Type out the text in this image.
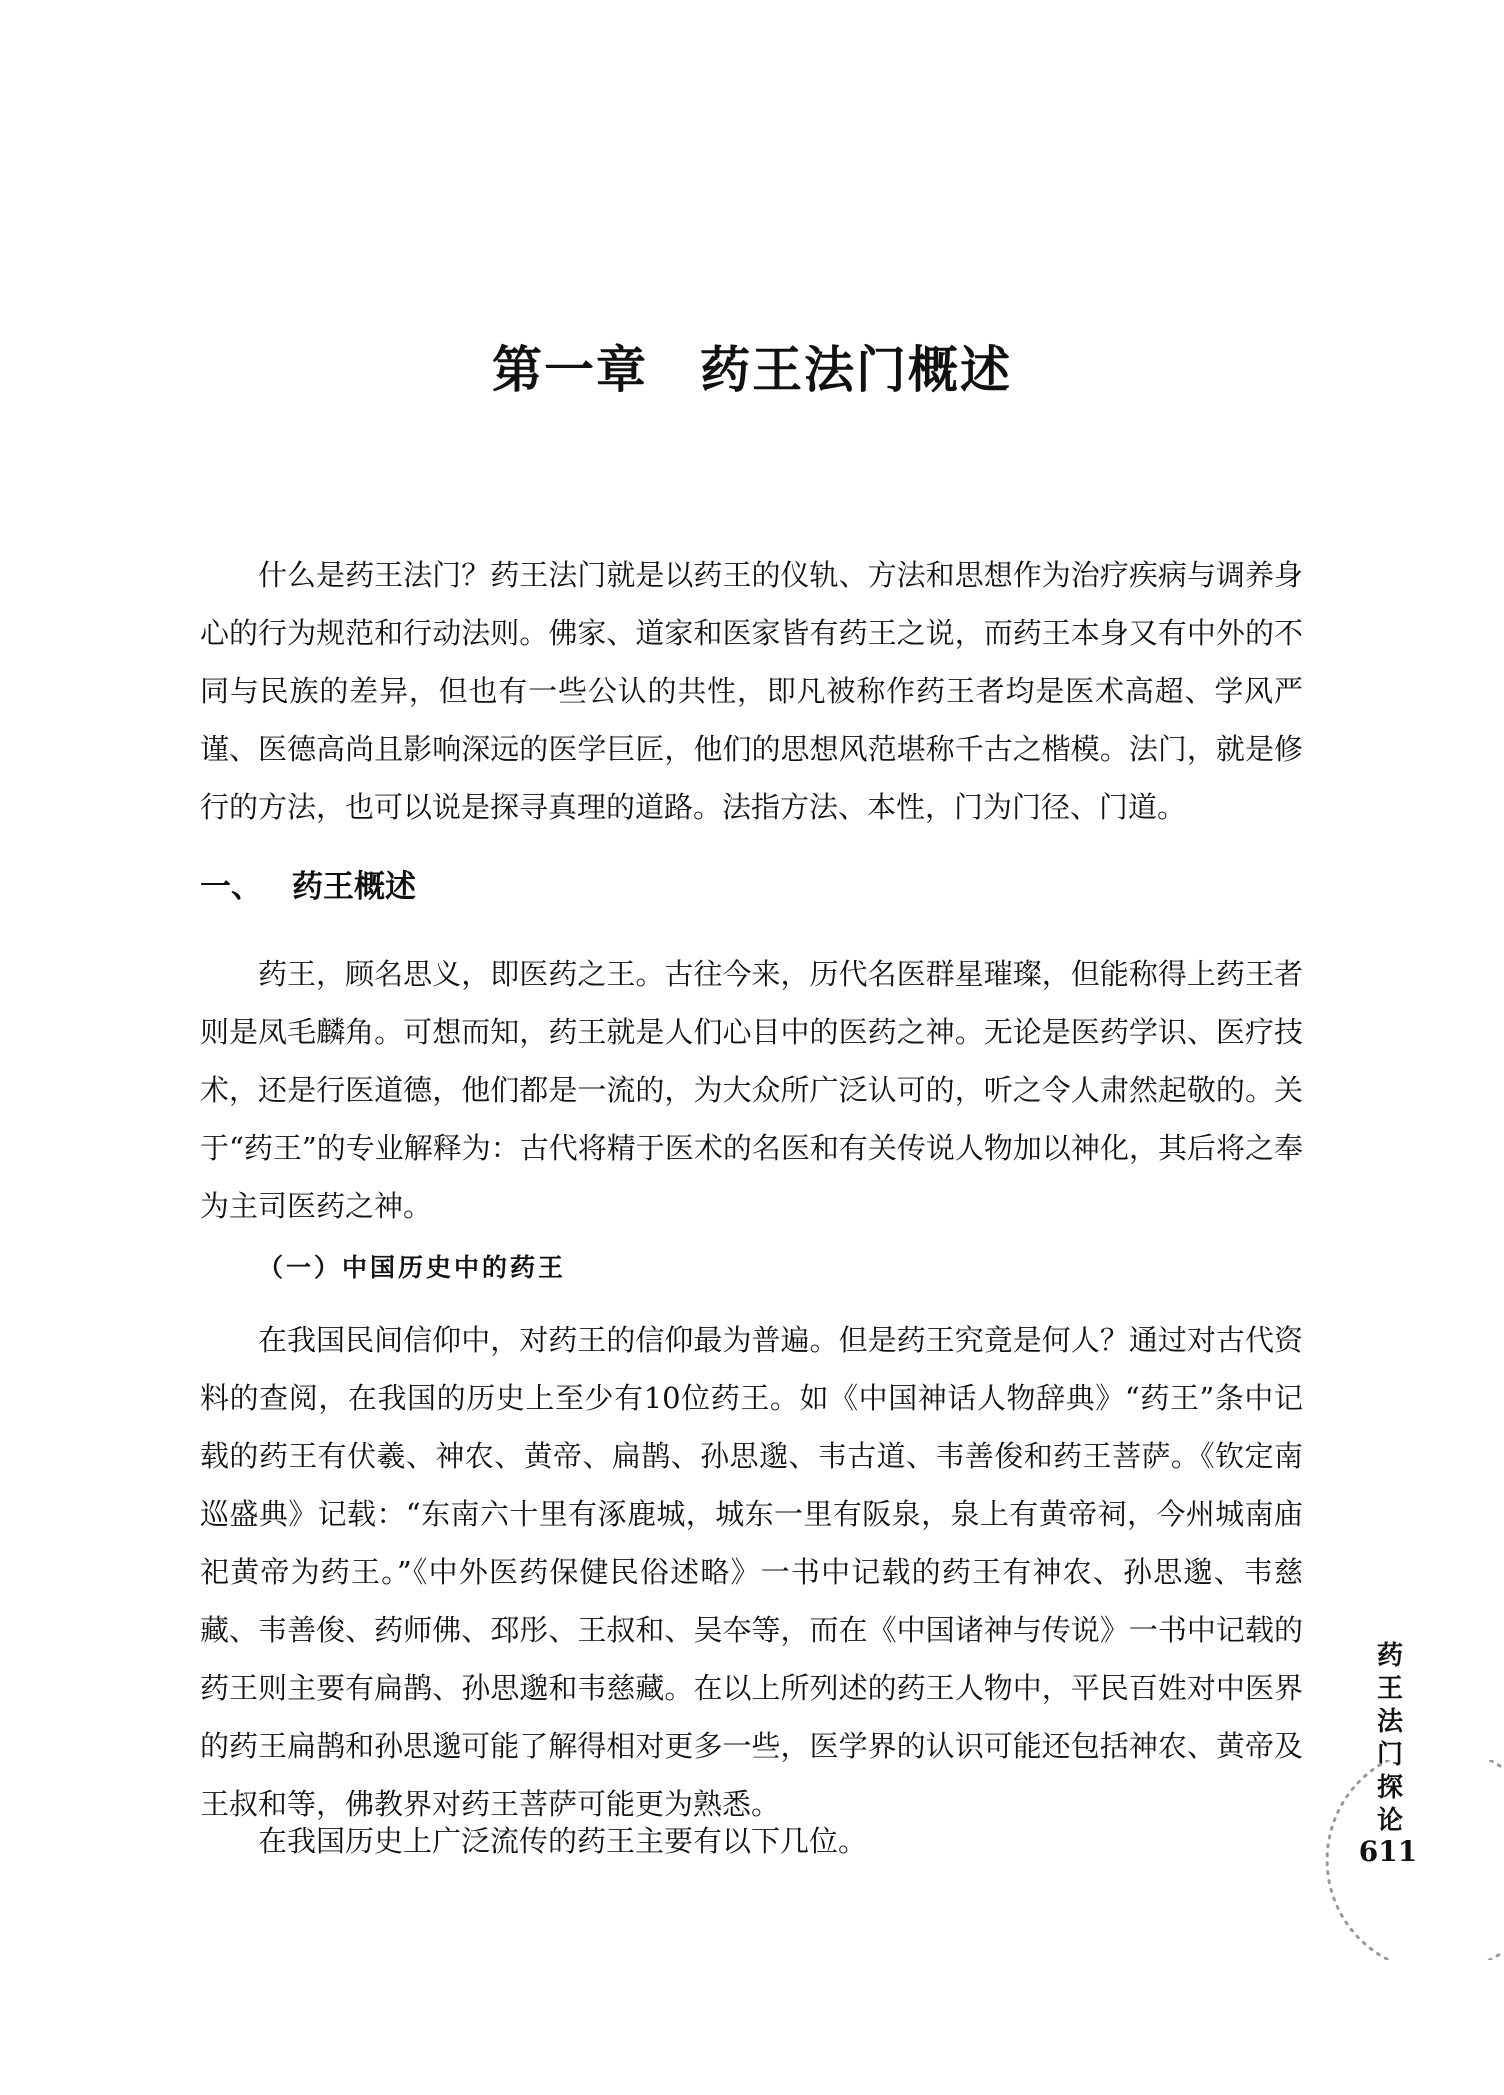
第一章 药王法门概述

什么是药王法门？药王法门就是以药王的仪轨、方法和思想作为治疗疾病与调养身心的行为规范和行动法则。佛家、道家和医家皆有药王之说，而药王本身又有中外的不同与民族的差异，但也有一些公认的共性，即凡被称作药王者均是医术高超、学风严谨、医德高尚且影响深远的医学巨匠，他们的思想风范堪称千古之楷模。法门，就是修行的方法，也可以说是探寻真理的道路。法指方法、本性，门为门径、门道。

一、 药王概述

药王，顾名思义，即医药之王。古往今来，历代名医群星璀璨，但能称得上药王者则是凤毛麟角。可想而知，药王就是人们心目中的医药之神。无论是医药学识、医疗技术，还是行医道德，他们都是一流的，为大众所广泛认可的，听之令人肃然起敬的。关于“药王”的专业解释为：古代将精于医术的名医和有关传说人物加以神化，其后将之奉为主司医药之神。

（一）中国历史中的药王

在我国民间信仰中，对药王的信仰最为普遍。但是药王究竟是何人？通过对古代资料的查阅，在我国的历史上至少有10位药王。如《中国神话人物辞典》“药王”条中记载的药王有伏羲、神农、黄帝、扁鹊、孙思邈、韦古道、韦善俊和药王菩萨。《钦定南巡盛典》记载：“东南六十里有涿鹿城，城东一里有阪泉，泉上有黄帝祠，今州城南庙祀黄帝为药王。”《中外医药保健民俗述略》一书中记载的药王有神农、孙思邈、韦慈藏、韦善俊、药师佛、邳彤、王叔和、吴夲等，而在《中国诸神与传说》一书中记载的药王则主要有扁鹊、孙思邈和韦慈藏。在以上所列述的药王人物中，平民百姓对中医界的药王扁鹊和孙思邈可能了解得相对更多一些，医学界的认识可能还包括神农、黄帝及王叔和等，佛教界对药王菩萨可能更为熟悉。

在我国历史上广泛流传的药王主要有以下几位。

药王法门探论
611
